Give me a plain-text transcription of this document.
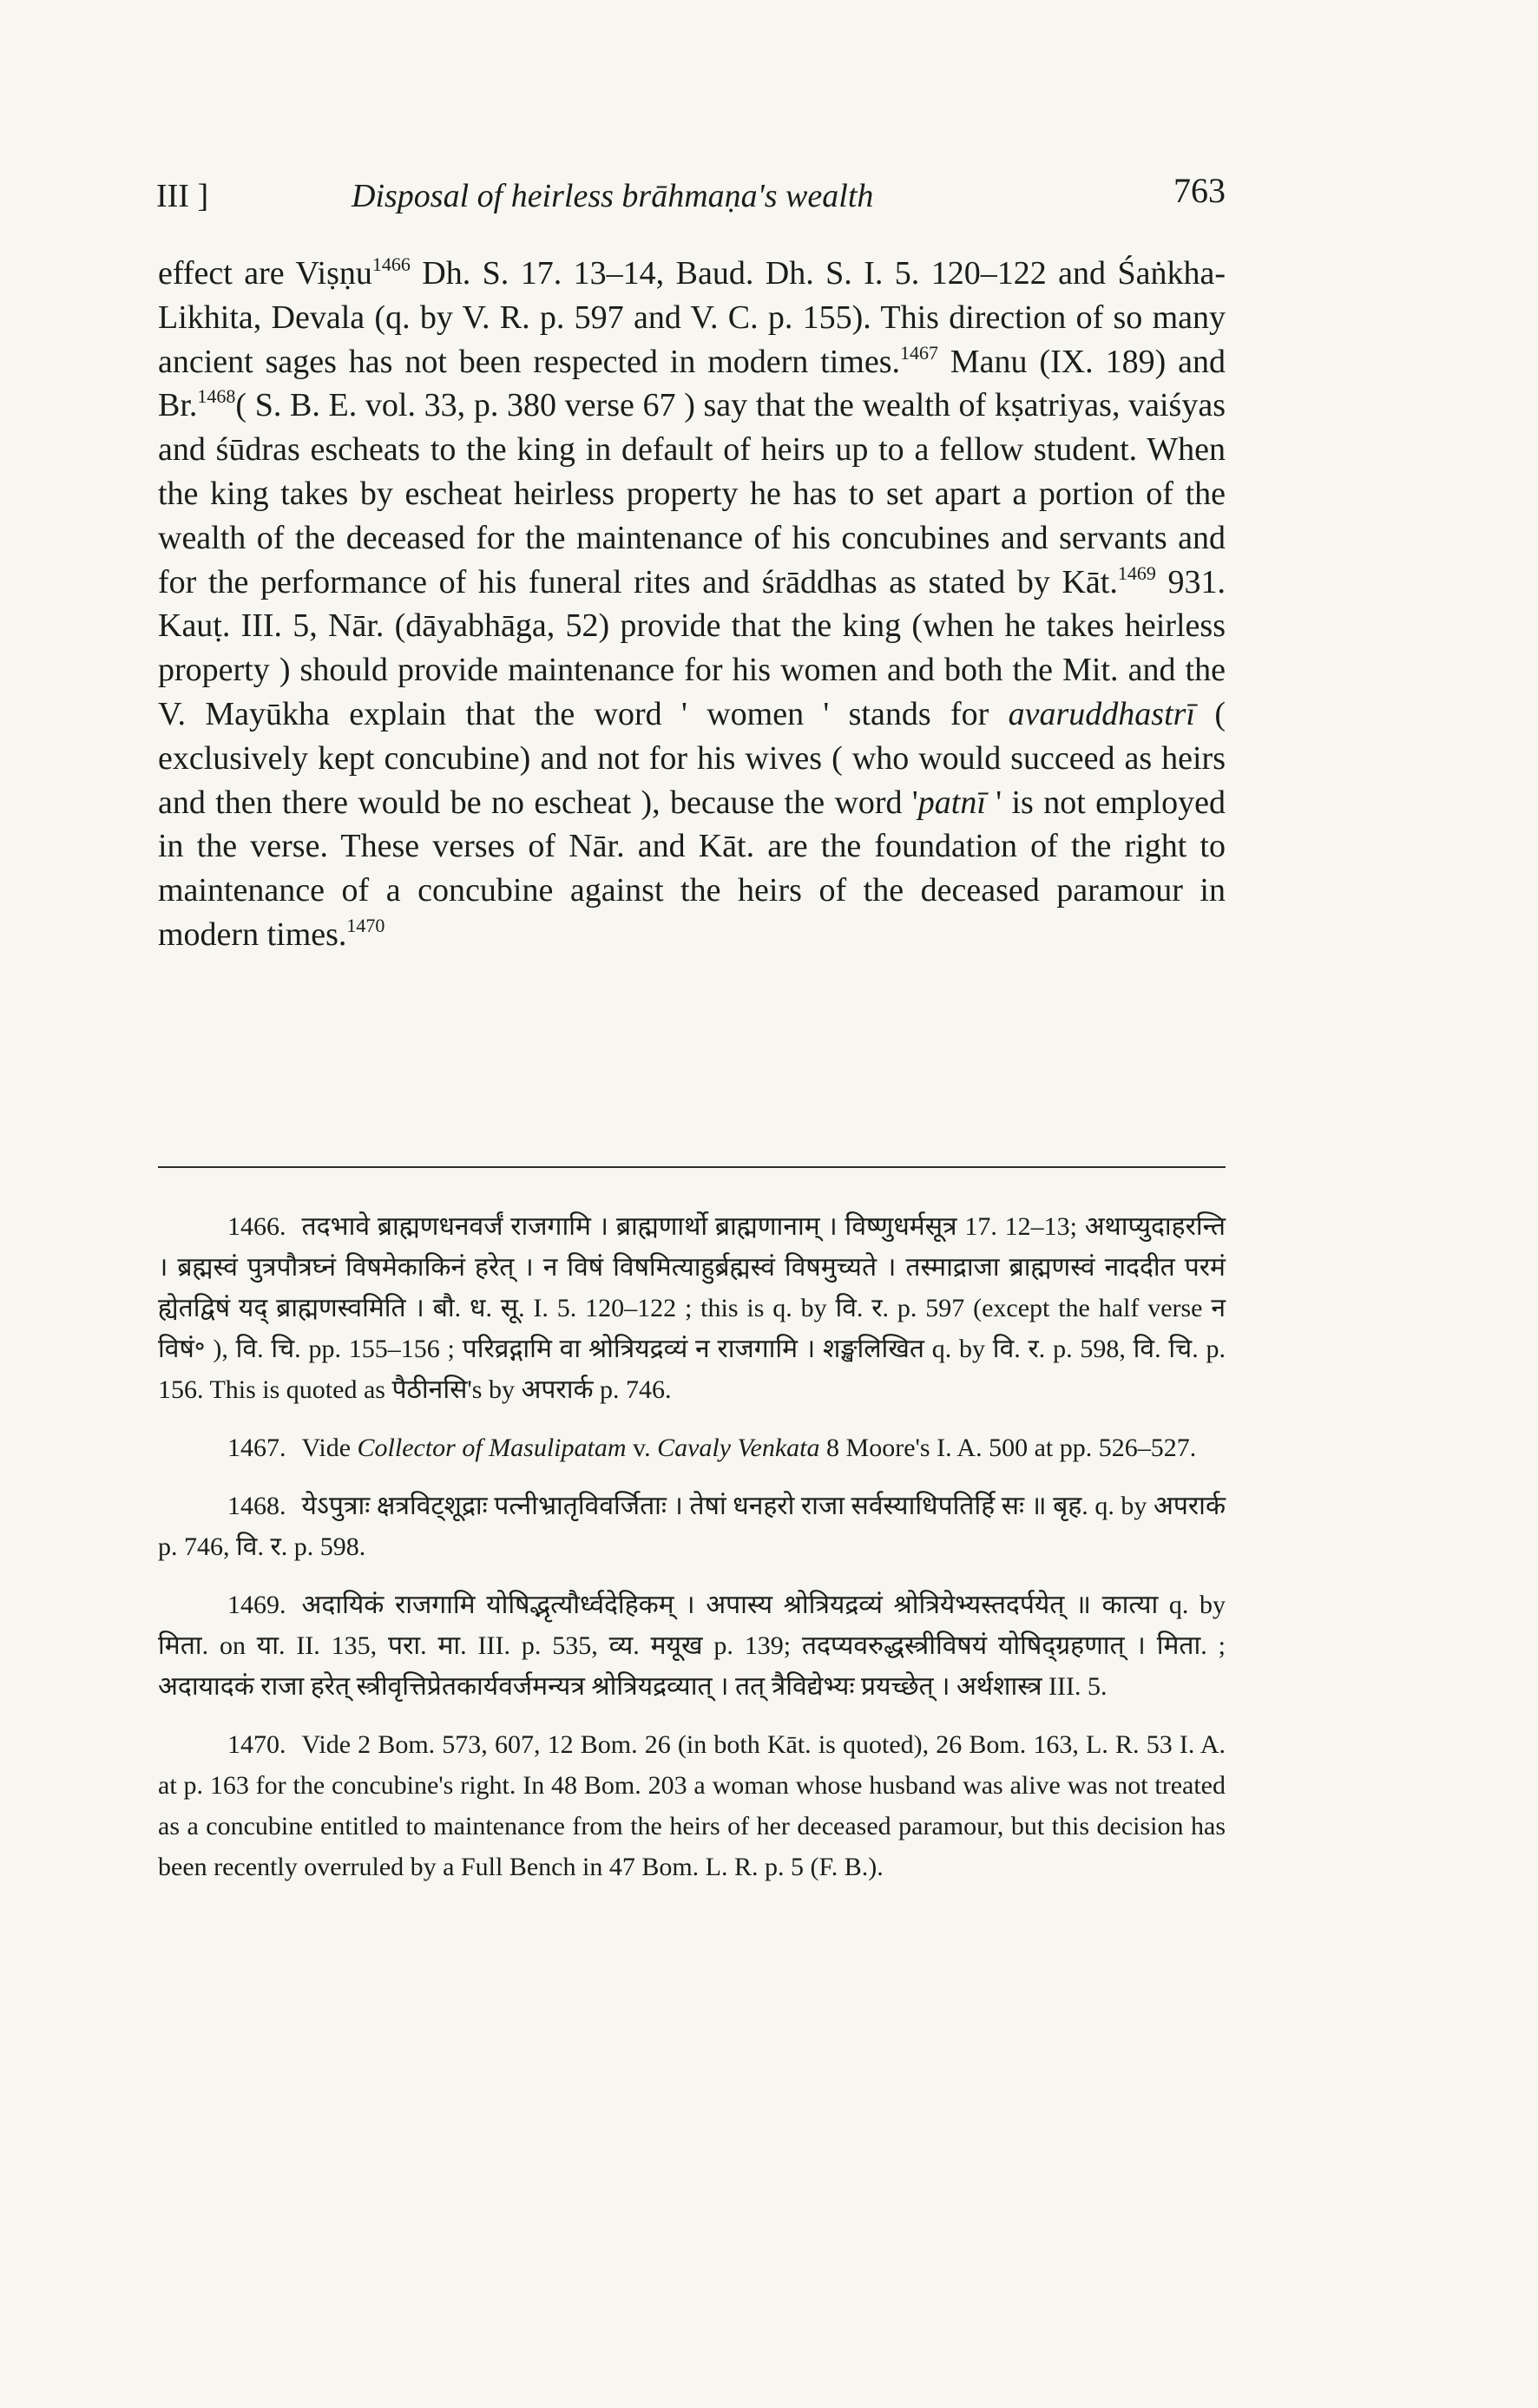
III ]	Disposal of heirless brāhmaṇa's wealth	763
effect are Viṣṇu$^{1466}$ Dh. S. 17. 13–14, Baud. Dh. S. I. 5. 120–122 and Śaṅkha-Likhita, Devala (q. by V. R. p. 597 and V. C. p. 155). This direction of so many ancient sages has not been respected in modern times.$^{1467}$ Manu (IX. 189) and Br.$^{1468}$( S. B. E. vol. 33, p. 380 verse 67 ) say that the wealth of kṣatriyas, vaiśyas and śūdras escheats to the king in default of heirs up to a fellow student. When the king takes by escheat heirless property he has to set apart a portion of the wealth of the deceased for the maintenance of his concubines and servants and for the performance of his funeral rites and śrāddhas as stated by Kāt.$^{1469}$ 931. Kauṭ. III. 5, Nār. (dāyabhāga, 52) provide that the king (when he takes heirless property ) should provide maintenance for his women and both the Mit. and the V. Mayūkha explain that the word ' women ' stands for avaruddhastrī ( exclusively kept concubine) and not for his wives ( who would succeed as heirs and then there would be no escheat ), because the word 'patnī ' is not employed in the verse. These verses of Nār. and Kāt. are the foundation of the right to maintenance of a concubine against the heirs of the deceased paramour in modern times.$^{1470}$

1466. तदभावे ब्राह्मणधनवर्जं राजगामि । ब्राह्मणार्थो ब्राह्मणानाम् । विष्णुधर्मसूत्र 17. 12–13; अथाप्युदाहरन्ति । ब्रह्मस्वं पुत्रपौत्रघ्नं विषमेकाकिनं हरेत् । न विषं विषमित्याहुर्ब्रह्मस्वं विषमुच्यते । तस्माद्राजा ब्राह्मणस्वं नाददीत परमं ह्येतद्विषं यद् ब्राह्मणस्वमिति । बौ. ध. सू. I. 5. 120–122 ; this is q. by वि. र. p. 597 (except the half verse न विषं॰ ), वि. चि. pp. 155–156 ; परिव्रद्गामि वा श्रोत्रियद्रव्यं न राजगामि । शङ्खलिखित q. by वि. र. p. 598, वि. चि. p. 156. This is quoted as पैठीनसि's by अपरार्क p. 746.

1467. Vide Collector of Masulipatam v. Cavaly Venkata 8 Moore's I. A. 500 at pp. 526–527.

1468. येऽपुत्राः क्षत्रविट्शूद्राः पत्नीभ्रातृविवर्जिताः । तेषां धनहरो राजा सर्वस्याधिपतिर्हि सः ॥ बृह. q. by अपरार्क p. 746, वि. र. p. 598.

1469. अदायिकं राजगामि योषिद्भृत्यौर्ध्वदेहिकम् । अपास्य श्रोत्रियद्रव्यं श्रोत्रियेभ्यस्तदर्पयेत् ॥ कात्या q. by मिता. on या. II. 135, परा. मा. III. p. 535, व्य. मयूख p. 139; तदप्यवरुद्धस्त्रीविषयं योषिद्ग्रहणात् । मिता. ; अदायादकं राजा हरेत् स्त्रीवृत्तिप्रेतकार्यवर्जमन्यत्र श्रोत्रियद्रव्यात् । तत् त्रैविद्येभ्यः प्रयच्छेत् । अर्थशास्त्र III. 5.

1470. Vide 2 Bom. 573, 607, 12 Bom. 26 (in both Kāt. is quoted), 26 Bom. 163, L. R. 53 I. A. at p. 163 for the concubine's right. In 48 Bom. 203 a woman whose husband was alive was not treated as a concubine entitled to maintenance from the heirs of her deceased paramour, but this decision has been recently overruled by a Full Bench in 47 Bom. L. R. p. 5 (F. B.).
